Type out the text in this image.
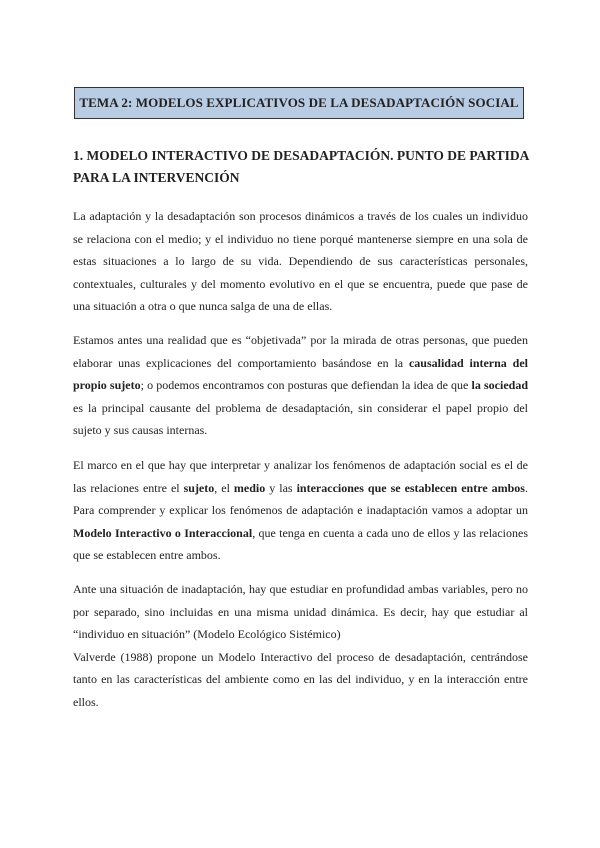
TEMA 2: MODELOS EXPLICATIVOS DE LA DESADAPTACIÓN SOCIAL

1. MODELO INTERACTIVO DE DESADAPTACIÓN. PUNTO DE PARTIDA PARA LA INTERVENCIÓN

La adaptación y la desadaptación son procesos dinámicos a través de los cuales un individuo se relaciona con el medio; y el individuo no tiene porqué mantenerse siempre en una sola de estas situaciones a lo largo de su vida. Dependiendo de sus características personales, contextuales, culturales y del momento evolutivo en el que se encuentra, puede que pase de una situación a otra o que nunca salga de una de ellas.

Estamos antes una realidad que es “objetivada” por la mirada de otras personas, que pueden elaborar unas explicaciones del comportamiento basándose en la causalidad interna del propio sujeto; o podemos encontramos con posturas que defiendan la idea de que la sociedad es la principal causante del problema de desadaptación, sin considerar el papel propio del sujeto y sus causas internas.

El marco en el que hay que interpretar y analizar los fenómenos de adaptación social es el de las relaciones entre el sujeto, el medio y las interacciones que se establecen entre ambos. Para comprender y explicar los fenómenos de adaptación e inadaptación vamos a adoptar un Modelo Interactivo o Interaccional, que tenga en cuenta a cada uno de ellos y las relaciones que se establecen entre ambos.

Ante una situación de inadaptación, hay que estudiar en profundidad ambas variables, pero no por separado, sino incluidas en una misma unidad dinámica. Es decir, hay que estudiar al “individuo en situación” (Modelo Ecológico Sistémico)
Valverde (1988) propone un Modelo Interactivo del proceso de desadaptación, centrándose tanto en las características del ambiente como en las del individuo, y en la interacción entre ellos.
